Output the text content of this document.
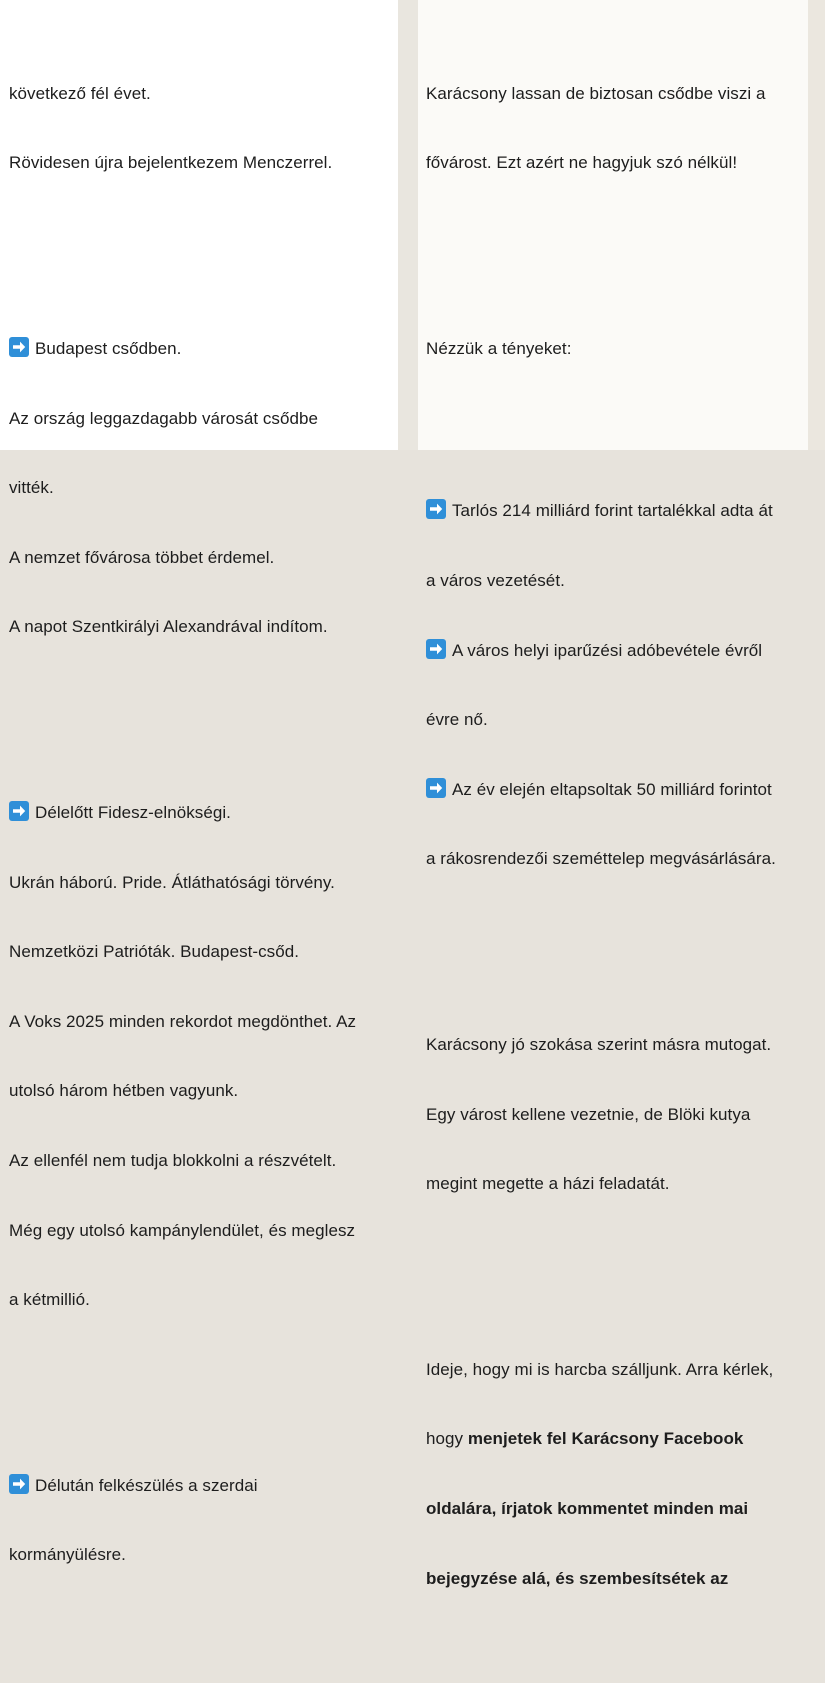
következő fél évet.

Rövidesen újra bejelentkezem Menczerrel.

Budapest csődben.

Az ország leggazdagabb városát csődbe

vitték.

A nemzet fővárosa többet érdemel.

A napot Szentkirályi Alexandrával indítom.

Délelőtt Fidesz-elnökségi.

Ukrán háború. Pride. Átláthatósági törvény.

Nemzetközi Patrióták. Budapest-csőd.

A Voks 2025 minden rekordot megdönthet. Az

utolsó három hétben vagyunk.

Az ellenfél nem tudja blokkolni a részvételt.

Még egy utolsó kampánylendület, és meglesz

a kétmillió.

Délután felkészülés a szerdai

kormányülésre.

Karácsony lassan de biztosan csődbe viszi a

fővárost. Ezt azért ne hagyjuk szó nélkül!

Nézzük a tényeket:

Tarlós 214 milliárd forint tartalékkal adta át

a város vezetését.

A város helyi iparűzési adóbevétele évről

évre nő.

Az év elején eltapsoltak 50 milliárd forintot

a rákosrendezői szeméttelep megvásárlására.

Karácsony jó szokása szerint másra mutogat.

Egy várost kellene vezetnie, de Blöki kutya

megint megette a házi feladatát.

Ideje, hogy mi is harcba szálljunk. Arra kérlek,

hogy menjetek fel Karácsony Facebook

oldalára, írjatok kommentet minden mai

bejegyzése alá, és szembesítsétek az
